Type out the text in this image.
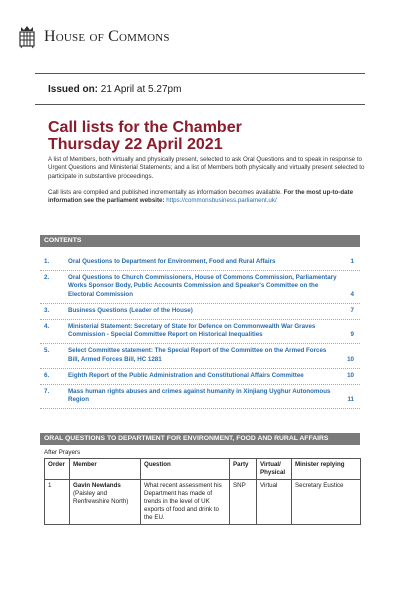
House of Commons
Issued on: 21 April at 5.27pm
Call lists for the Chamber
Thursday 22 April 2021
A list of Members, both virtually and physically present, selected to ask Oral Questions and to speak in response to Urgent Questions and Ministerial Statements; and a list of Members both physically and virtually present selected to participate in substantive proceedings.
Call lists are compiled and published incrementally as information becomes available. For the most up-to-date information see the parliament website: https://commonsbusiness.parliament.uk/
CONTENTS
1.	Oral Questions to Department for Environment, Food and Rural Affairs	1
2.	Oral Questions to Church Commissioners, House of Commons Commission, Parliamentary Works Sponsor Body, Public Accounts Commission and Speaker's Committee on the Electoral Commission	4
3.	Business Questions (Leader of the House)	7
4.	Ministerial Statement: Secretary of State for Defence on Commonwealth War Graves Commission - Special Committee Report on Historical Inequalities	9
5.	Select Committee statement: The Special Report of the Committee on the Armed Forces Bill, Armed Forces Bill, HC 1281	10
6.	Eighth Report of the Public Administration and Constitutional Affairs Committee	10
7.	Mass human rights abuses and crimes against humanity in Xinjiang Uyghur Autonomous Region	11
ORAL QUESTIONS TO DEPARTMENT FOR ENVIRONMENT, FOOD AND RURAL AFFAIRS
After Prayers
Order	Member	Question	Party	Virtual/ Physical	Minister replying
1	Gavin Newlands
(Paisley and Renfrewshire North)	What recent assessment his Department has made of trends in the level of UK exports of food and drink to the EU.	SNP	Virtual	Secretary Eustice
